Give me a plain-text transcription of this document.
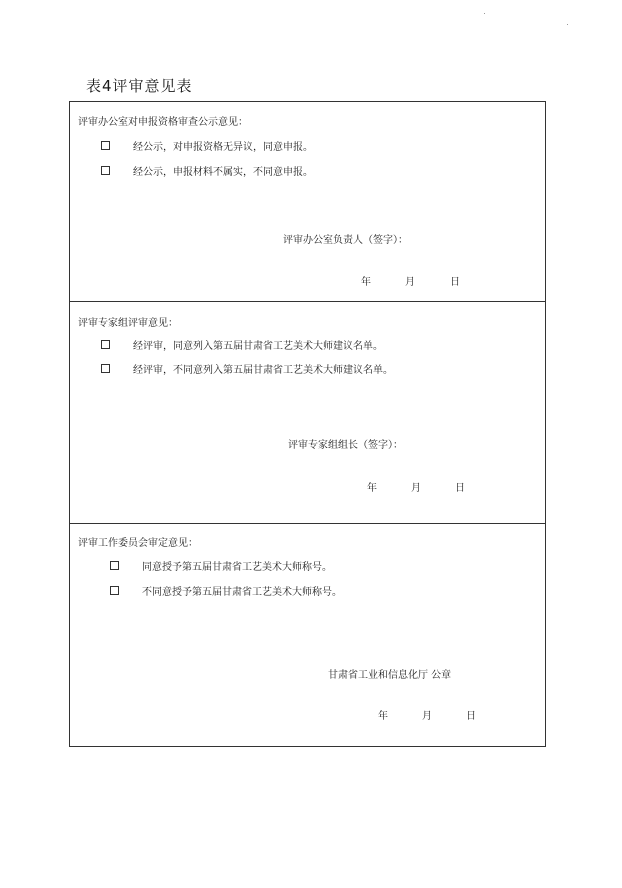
表4评审意见表
评审办公室对申报资格审查公示意见：
经公示，对申报资格无异议，同意申报。
经公示，申报材料不属实，不同意申报。
评审办公室负责人（签字）：
年	月	日
评审专家组评审意见：
经评审，同意列入第五届甘肃省工艺美术大师建议名单。
经评审，不同意列入第五届甘肃省工艺美术大师建议名单。
评审专家组组长（签字）：
年	月	日
评审工作委员会审定意见：
同意授予第五届甘肃省工艺美术大师称号。
不同意授予第五届甘肃省工艺美术大师称号。
甘肃省工业和信息化厅 公章
年	月	日
